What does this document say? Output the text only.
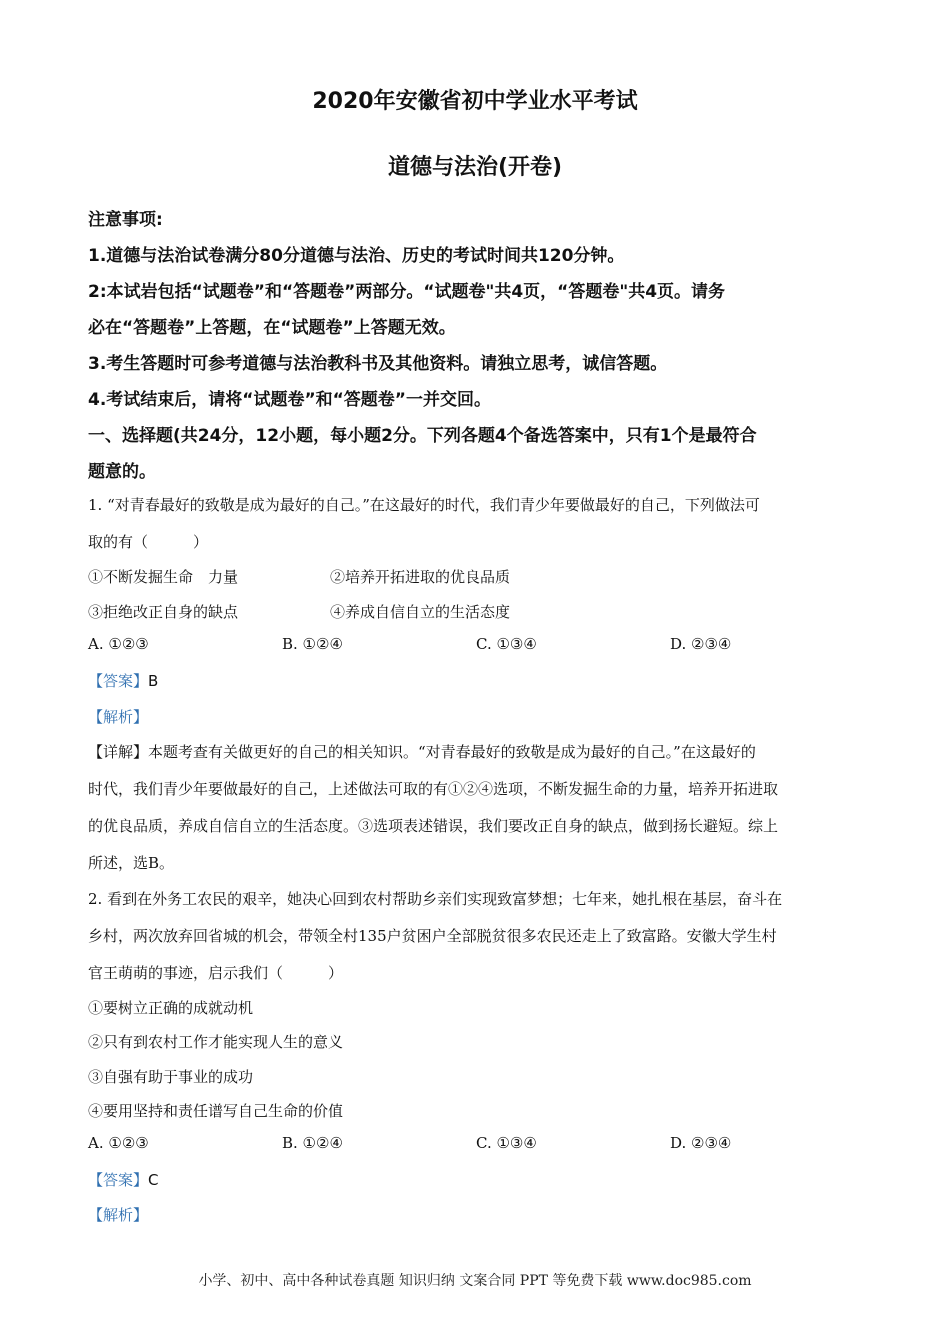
2020年安徽省初中学业水平考试
道德与法治(开卷)
注意事项:
1.道德与法治试卷满分80分道德与法治、历史的考试时间共120分钟。
2:本试岩包括“试题卷”和“答题卷”两部分。“试题卷"共4页，“答题卷"共4页。请务
必在“答题卷”上答题，在“试题卷”上答题无效。
3.考生答题时可参考道德与法治教科书及其他资料。请独立思考，诚信答题。
4.考试结束后，请将“试题卷”和“答题卷”一并交回。
一、选择题(共24分，12小题，每小题2分。下列各题4个备选答案中，只有1个是最符合
题意的。
1. “对青春最好的致敬是成为最好的自己。”在这最好的时代，我们青少年要做最好的自己，下列做法可
取的有（　　　）
①不断发掘生命　力量	②培养开拓进取的优良品质
③拒绝改正自身的缺点	④养成自信自立的生活态度
A. ①②③	B. ①②④	C. ①③④	D. ②③④
【答案】B
【解析】
【详解】本题考查有关做更好的自己的相关知识。“对青春最好的致敬是成为最好的自己。”在这最好的
时代，我们青少年要做最好的自己，上述做法可取的有①②④选项，不断发掘生命的力量，培养开拓进取
的优良品质，养成自信自立的生活态度。③选项表述错误，我们要改正自身的缺点，做到扬长避短。综上
所述，选B。
2. 看到在外务工农民的艰辛，她决心回到农村帮助乡亲们实现致富梦想；七年来，她扎根在基层，奋斗在
乡村，两次放弃回省城的机会，带领全村135户贫困户全部脱贫很多农民还走上了致富路。安徽大学生村
官王萌萌的事迹，启示我们（　　　）
①要树立正确的成就动机
②只有到农村工作才能实现人生的意义
③自强有助于事业的成功
④要用坚持和责任谱写自己生命的价值
A. ①②③	B. ①②④	C. ①③④	D. ②③④
【答案】C
【解析】
小学、初中、高中各种试卷真题 知识归纳 文案合同 PPT 等免费下载 www.doc985.com
